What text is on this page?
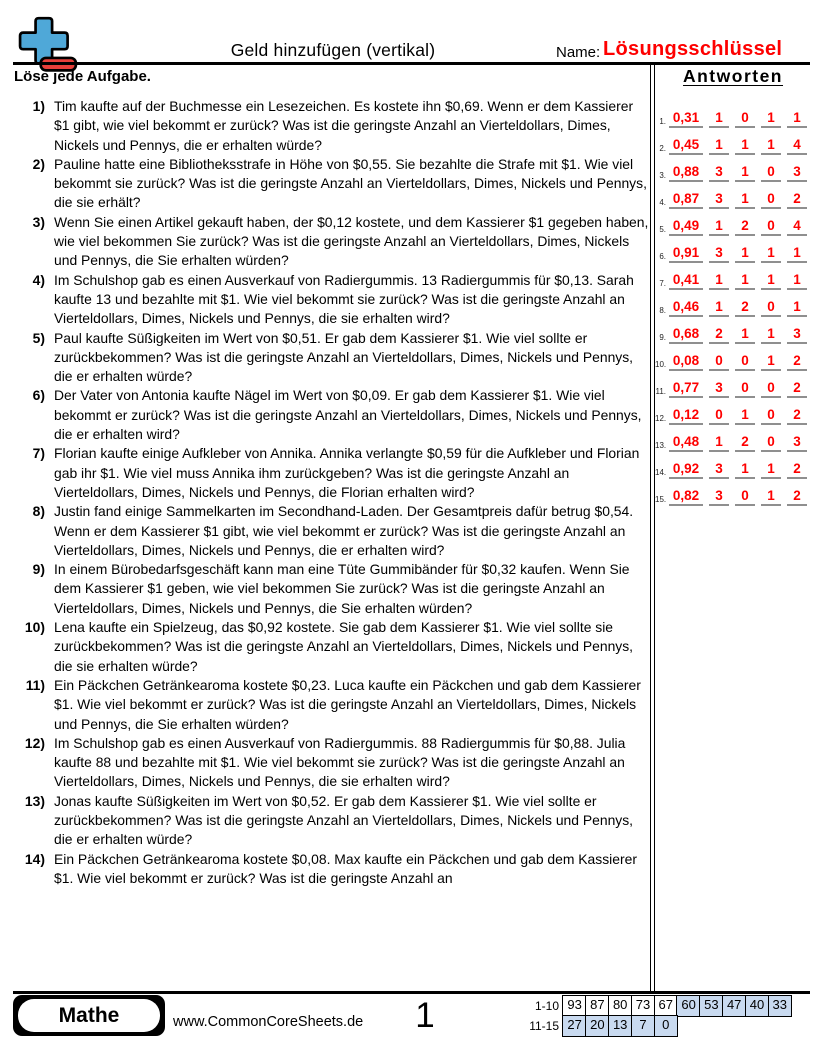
Geld hinzufügen (vertikal)	Name: Lösungsschlüssel
Löse jede Aufgabe.
1) Tim kaufte auf der Buchmesse ein Lesezeichen. Es kostete ihn $0,69. Wenn er dem Kassierer $1 gibt, wie viel bekommt er zurück? Was ist die geringste Anzahl an Vierteldollars, Dimes, Nickels und Pennys, die er erhalten würde?
2) Pauline hatte eine Bibliotheksstrafe in Höhe von $0,55. Sie bezahlte die Strafe mit $1. Wie viel bekommt sie zurück? Was ist die geringste Anzahl an Vierteldollars, Dimes, Nickels und Pennys, die sie erhält?
3) Wenn Sie einen Artikel gekauft haben, der $0,12 kostete, und dem Kassierer $1 gegeben haben, wie viel bekommen Sie zurück? Was ist die geringste Anzahl an Vierteldollars, Dimes, Nickels und Pennys, die Sie erhalten würden?
4) Im Schulshop gab es einen Ausverkauf von Radiergummis. 13 Radiergummis für $0,13. Sarah kaufte 13 und bezahlte mit $1. Wie viel bekommt sie zurück? Was ist die geringste Anzahl an Vierteldollars, Dimes, Nickels und Pennys, die sie erhalten wird?
5) Paul kaufte Süßigkeiten im Wert von $0,51. Er gab dem Kassierer $1. Wie viel sollte er zurückbekommen? Was ist die geringste Anzahl an Vierteldollars, Dimes, Nickels und Pennys, die er erhalten würde?
6) Der Vater von Antonia kaufte Nägel im Wert von $0,09. Er gab dem Kassierer $1. Wie viel bekommt er zurück? Was ist die geringste Anzahl an Vierteldollars, Dimes, Nickels und Pennys, die er erhalten wird?
7) Florian kaufte einige Aufkleber von Annika. Annika verlangte $0,59 für die Aufkleber und Florian gab ihr $1. Wie viel muss Annika ihm zurückgeben? Was ist die geringste Anzahl an Vierteldollars, Dimes, Nickels und Pennys, die Florian erhalten wird?
8) Justin fand einige Sammelkarten im Secondhand-Laden. Der Gesamtpreis dafür betrug $0,54. Wenn er dem Kassierer $1 gibt, wie viel bekommt er zurück? Was ist die geringste Anzahl an Vierteldollars, Dimes, Nickels und Pennys, die er erhalten wird?
9) In einem Bürobedarfsgeschäft kann man eine Tüte Gummibänder für $0,32 kaufen. Wenn Sie dem Kassierer $1 geben, wie viel bekommen Sie zurück? Was ist die geringste Anzahl an Vierteldollars, Dimes, Nickels und Pennys, die Sie erhalten würden?
10) Lena kaufte ein Spielzeug, das $0,92 kostete. Sie gab dem Kassierer $1. Wie viel sollte sie zurückbekommen? Was ist die geringste Anzahl an Vierteldollars, Dimes, Nickels und Pennys, die sie erhalten würde?
11) Ein Päckchen Getränkearoma kostete $0,23. Luca kaufte ein Päckchen und gab dem Kassierer $1. Wie viel bekommt er zurück? Was ist die geringste Anzahl an Vierteldollars, Dimes, Nickels und Pennys, die Sie erhalten würden?
12) Im Schulshop gab es einen Ausverkauf von Radiergummis. 88 Radiergummis für $0,88. Julia kaufte 88 und bezahlte mit $1. Wie viel bekommt sie zurück? Was ist die geringste Anzahl an Vierteldollars, Dimes, Nickels und Pennys, die sie erhalten wird?
13) Jonas kaufte Süßigkeiten im Wert von $0,52. Er gab dem Kassierer $1. Wie viel sollte er zurückbekommen? Was ist die geringste Anzahl an Vierteldollars, Dimes, Nickels und Pennys, die er erhalten würde?
14) Ein Päckchen Getränkearoma kostete $0,08. Max kaufte ein Päckchen und gab dem Kassierer $1. Wie viel bekommt er zurück? Was ist die geringste Anzahl an
Antworten
1. 0,31	1	0	1	1
2. 0,45	1	1	1	4
3. 0,88	3	1	0	3
4. 0,87	3	1	0	2
5. 0,49	1	2	0	4
6. 0,91	3	1	1	1
7. 0,41	1	1	1	1
8. 0,46	1	2	0	1
9. 0,68	2	1	1	3
10. 0,08	0	0	1	2
11. 0,77	3	0	0	2
12. 0,12	0	1	0	2
13. 0,48	1	2	0	3
14. 0,92	3	1	1	2
15. 0,82	3	0	1	2
Mathe	www.CommonCoreSheets.de	1	1-10 93 87 80 73 67 60 53 47 40 33
11-15 27 20 13 7	0
